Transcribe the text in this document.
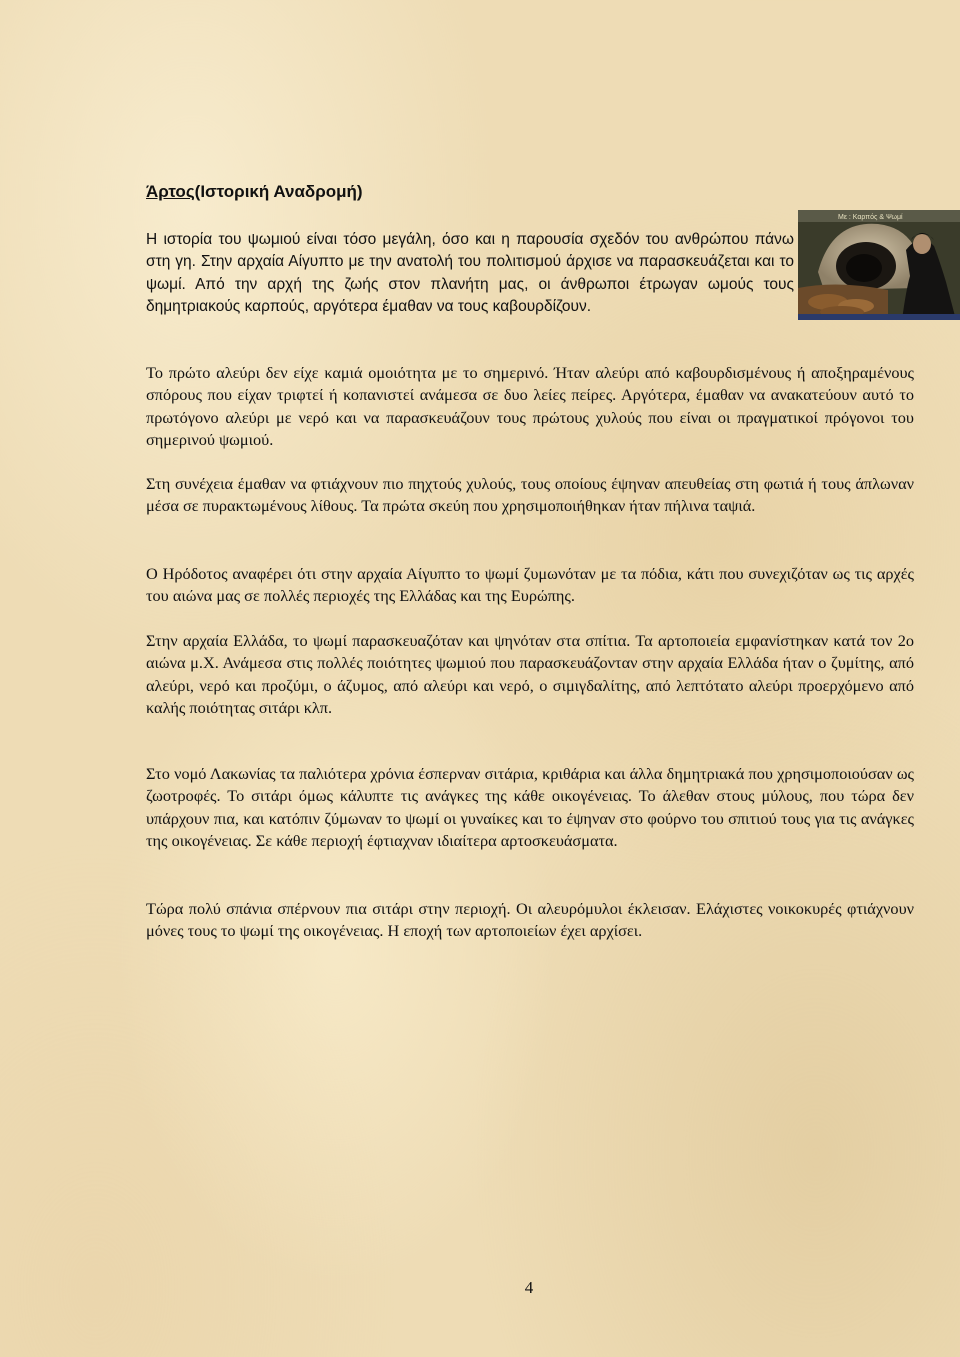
Άρτος(Ιστορική Αναδρομή)
Η ιστορία του ψωμιού είναι τόσο μεγάλη, όσο και η παρουσία σχεδόν του ανθρώπου πάνω στη γη. Στην αρχαία Αίγυπτο με την ανατολή του πολιτισμού άρχισε να παρασκευάζεται και το ψωμί. Από την αρχή της ζωής στον πλανήτη μας, οι άνθρωποι έτρωγαν ωμούς τους δημητριακούς καρπούς, αργότερα έμαθαν να τους καβουρδίζουν.
Με : Καρπός & Ψωμί
Το πρώτο αλεύρι δεν είχε καμιά ομοιότητα με το σημερινό. Ήταν αλεύρι από καβουρδισμένους ή αποξηραμένους σπόρους που είχαν τριφτεί ή κοπανιστεί ανάμεσα σε δυο λείες πείρες. Αργότερα, έμαθαν να ανακατεύουν αυτό το πρωτόγονο αλεύρι με νερό και να παρασκευάζουν τους πρώτους χυλούς που είναι οι πραγματικοί πρόγονοι του σημερινού ψωμιού.
Στη συνέχεια έμαθαν να φτιάχνουν πιο πηχτούς χυλούς, τους οποίους έψηναν απευθείας στη φωτιά ή τους άπλωναν μέσα σε πυρακτωμένους λίθους. Τα πρώτα σκεύη που χρησιμοποιήθηκαν ήταν πήλινα ταψιά.
Ο Ηρόδοτος αναφέρει ότι στην αρχαία Αίγυπτο το ψωμί ζυμωνόταν με τα πόδια, κάτι που συνεχιζόταν ως τις αρχές του αιώνα μας σε πολλές περιοχές της Ελλάδας και της Ευρώπης.
Στην αρχαία Ελλάδα, το ψωμί παρασκευαζόταν και ψηνόταν στα σπίτια. Τα αρτοποιεία εμφανίστηκαν κατά τον 2ο αιώνα μ.Χ. Ανάμεσα στις πολλές ποιότητες ψωμιού που παρασκευάζονταν στην αρχαία Ελλάδα ήταν ο ζυμίτης, από αλεύρι, νερό και προζύμι, ο άζυμος, από αλεύρι και νερό, ο σιμιγδαλίτης, από λεπτότατο αλεύρι προερχόμενο από καλής ποιότητας σιτάρι κλπ.
Στο νομό Λακωνίας τα παλιότερα χρόνια έσπερναν σιτάρια, κριθάρια και άλλα δημητριακά που χρησιμοποιούσαν ως ζωοτροφές. Το σιτάρι όμως κάλυπτε τις ανάγκες της κάθε οικογένειας. Το άλεθαν στους μύλους, που τώρα δεν υπάρχουν πια, και κατόπιν ζύμωναν το ψωμί οι γυναίκες και το έψηναν στο φούρνο του σπιτιού τους για τις ανάγκες της οικογένειας. Σε κάθε περιοχή έφτιαχναν ιδιαίτερα αρτοσκευάσματα.
Τώρα πολύ σπάνια σπέρνουν πια σιτάρι στην περιοχή. Οι αλευρόμυλοι έκλεισαν. Ελάχιστες νοικοκυρές φτιάχνουν μόνες τους το ψωμί της οικογένειας. Η εποχή των αρτοποιείων έχει αρχίσει.
4
